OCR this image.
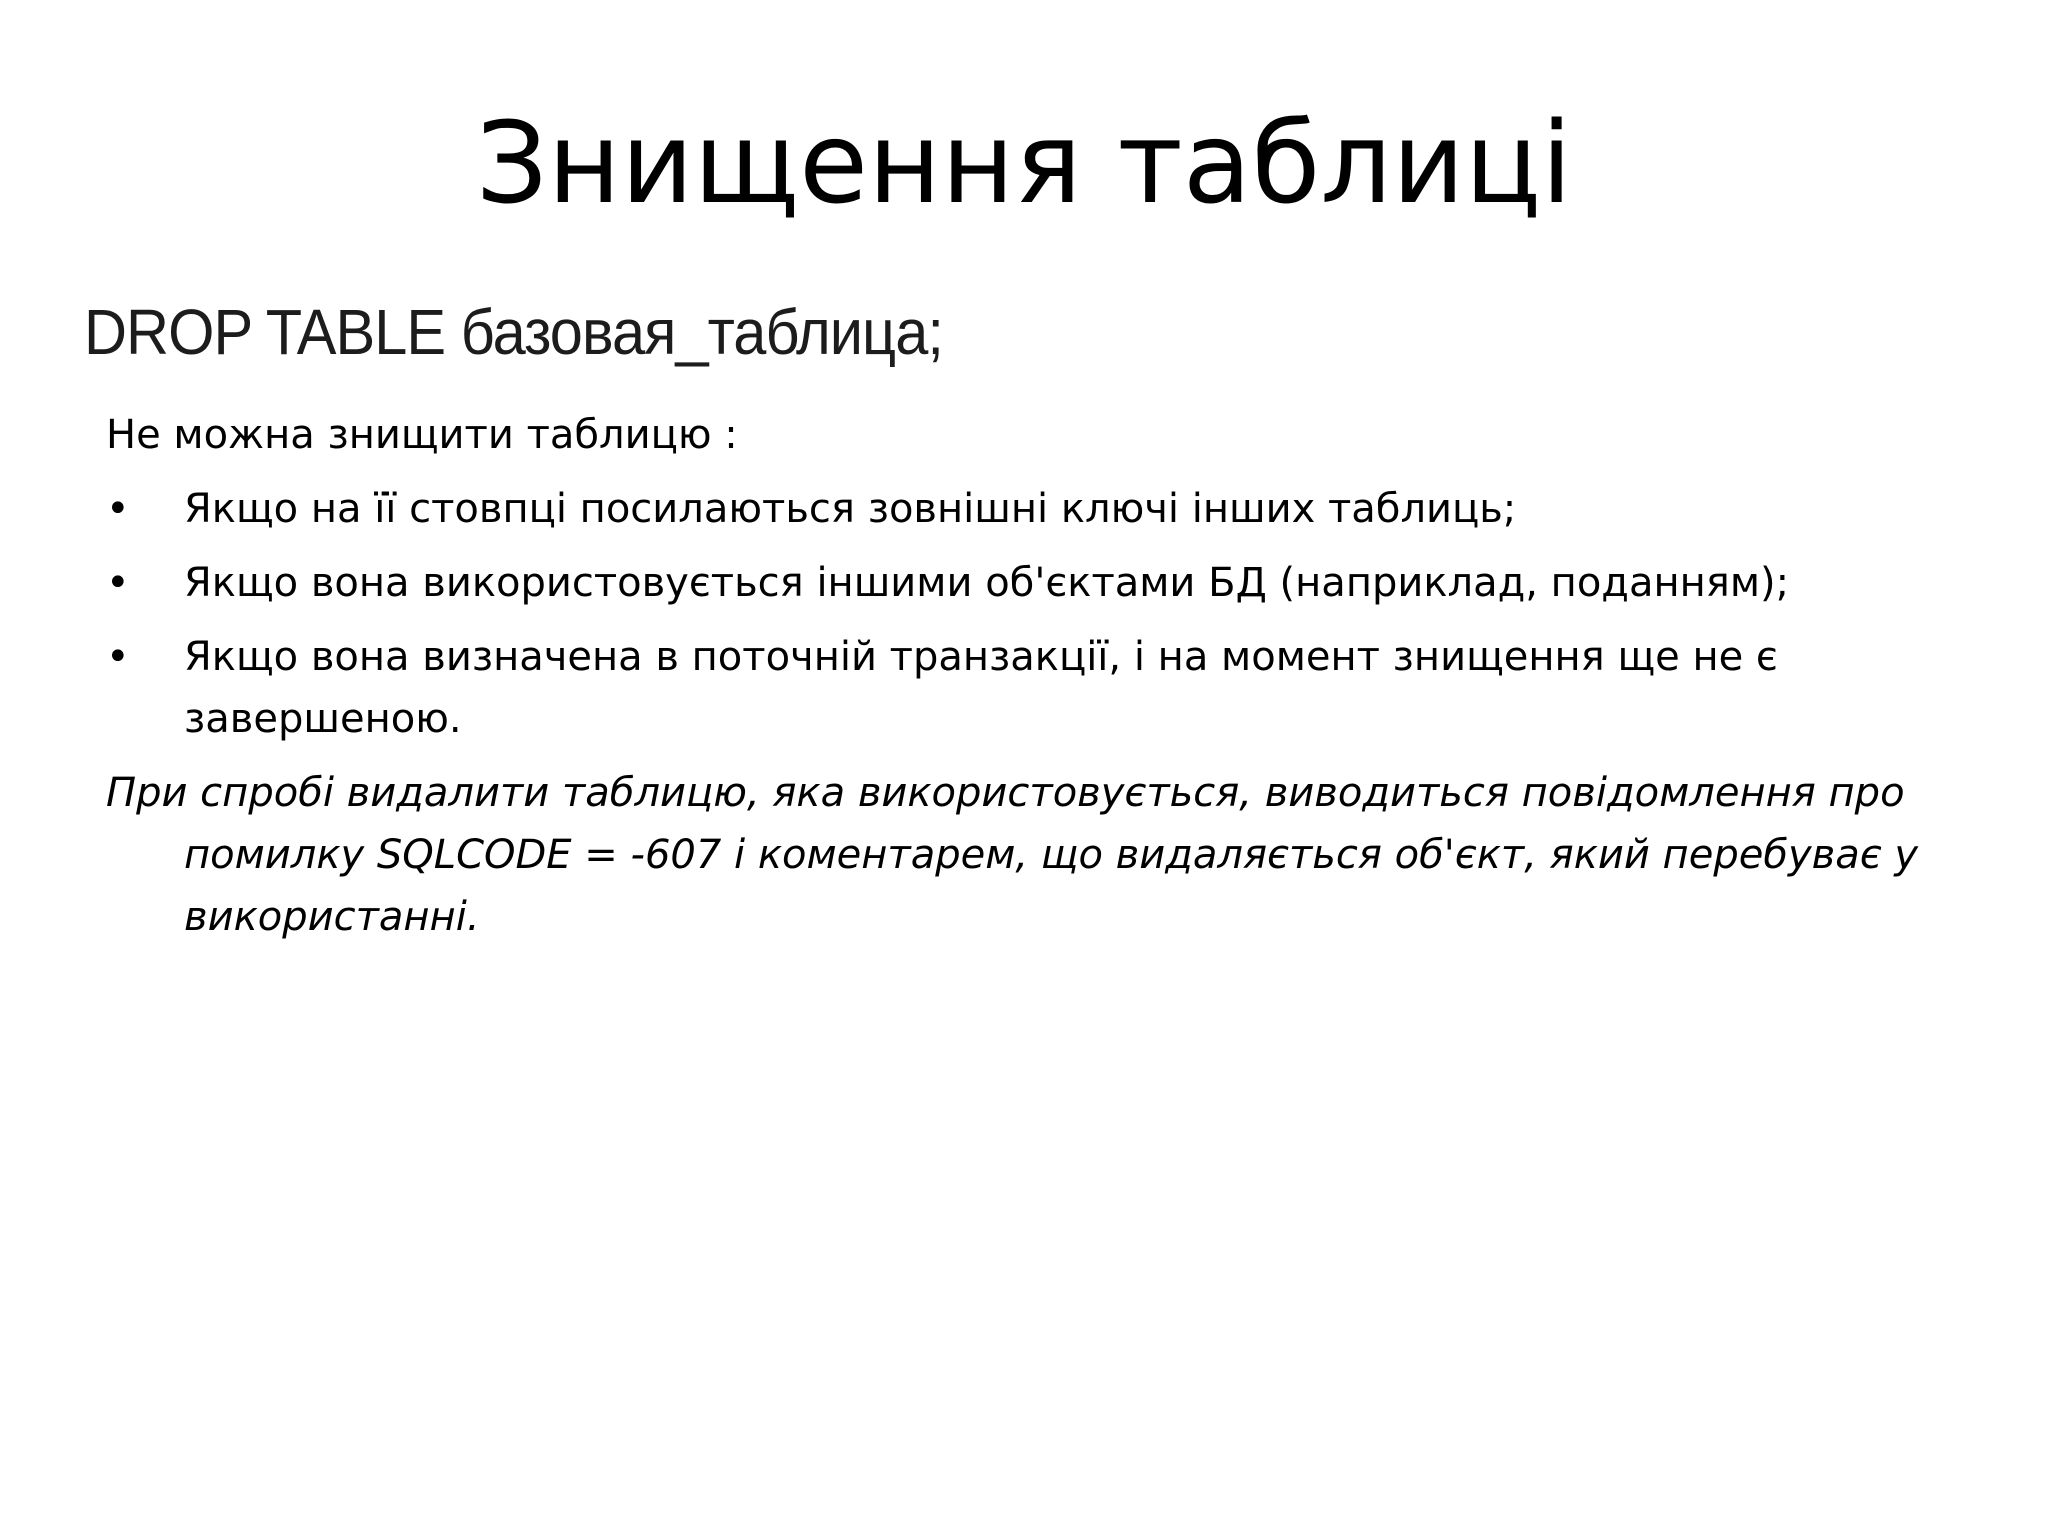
Знищення таблиці
DROP TABLE базовая_таблица;

Не можна знищити таблицю :

•	Якщо на її стовпці посилаються зовнішні ключі інших таблиць;
•	Якщо вона використовується іншими об'єктами БД (наприклад, поданням);
•	Якщо вона визначена в поточній транзакції, і на момент знищення ще не є завершеною.

При спробі видалити таблицю, яка використовується, виводиться повідомлення про помилку SQLCODE = -607 і коментарем, що видаляється об'єкт, який перебуває у використанні.
